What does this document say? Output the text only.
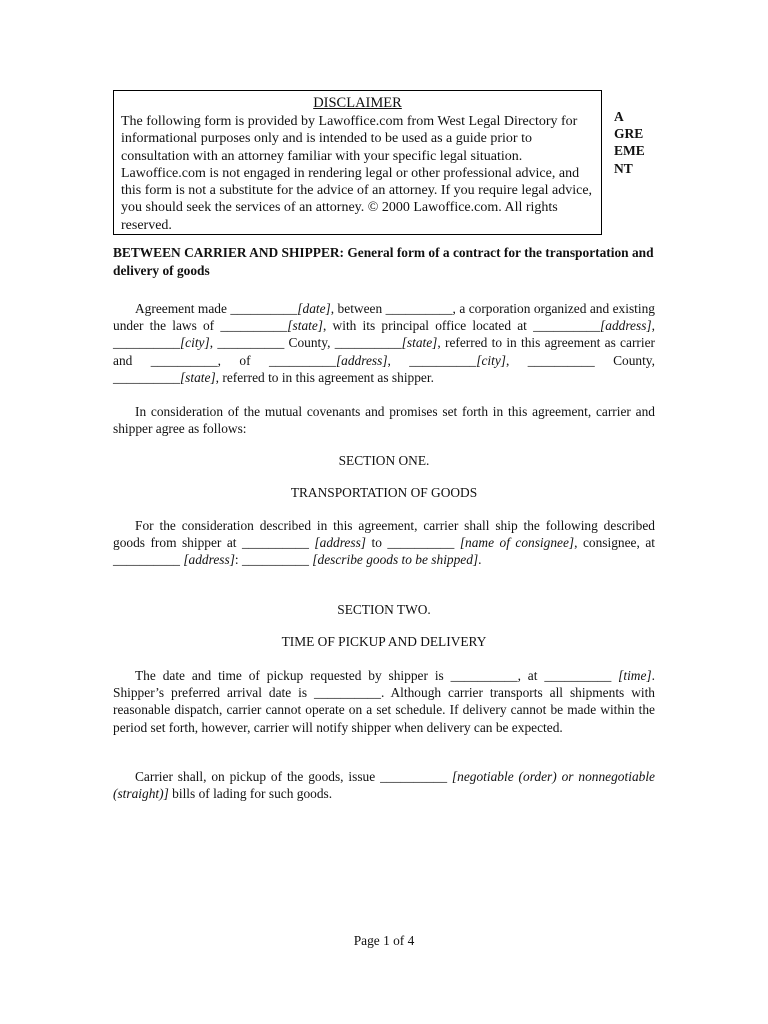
DISCLAIMER
The following form is provided by Lawoffice.com from West Legal Directory for informational purposes only and is intended to be used as a guide prior to consultation with an attorney familiar with your specific legal situation. Lawoffice.com is not engaged in rendering legal or other professional advice, and this form is not a substitute for the advice of an attorney. If you require legal advice, you should seek the services of an attorney. © 2000 Lawoffice.com. All rights reserved.
A
GRE
EME
NT
BETWEEN CARRIER AND SHIPPER: General form of a contract for the transportation and delivery of goods
Agreement made __________[date], between __________, a corporation organized and existing under the laws of __________[state], with its principal office located at __________[address], __________[city], __________ County, __________[state], referred to in this agreement as carrier and __________, of __________[address], __________[city], __________ County, __________[state], referred to in this agreement as shipper.
In consideration of the mutual covenants and promises set forth in this agreement, carrier and shipper agree as follows:
SECTION ONE.
TRANSPORTATION OF GOODS
For the consideration described in this agreement, carrier shall ship the following described goods from shipper at __________ [address] to __________ [name of consignee], consignee, at __________ [address]: __________ [describe goods to be shipped].
SECTION TWO.
TIME OF PICKUP AND DELIVERY
The date and time of pickup requested by shipper is __________, at __________ [time]. Shipper’s preferred arrival date is __________. Although carrier transports all shipments with reasonable dispatch, carrier cannot operate on a set schedule. If delivery cannot be made within the period set forth, however, carrier will notify shipper when delivery can be expected.
Carrier shall, on pickup of the goods, issue __________ [negotiable (order) or nonnegotiable (straight)] bills of lading for such goods.
Page 1 of 4
